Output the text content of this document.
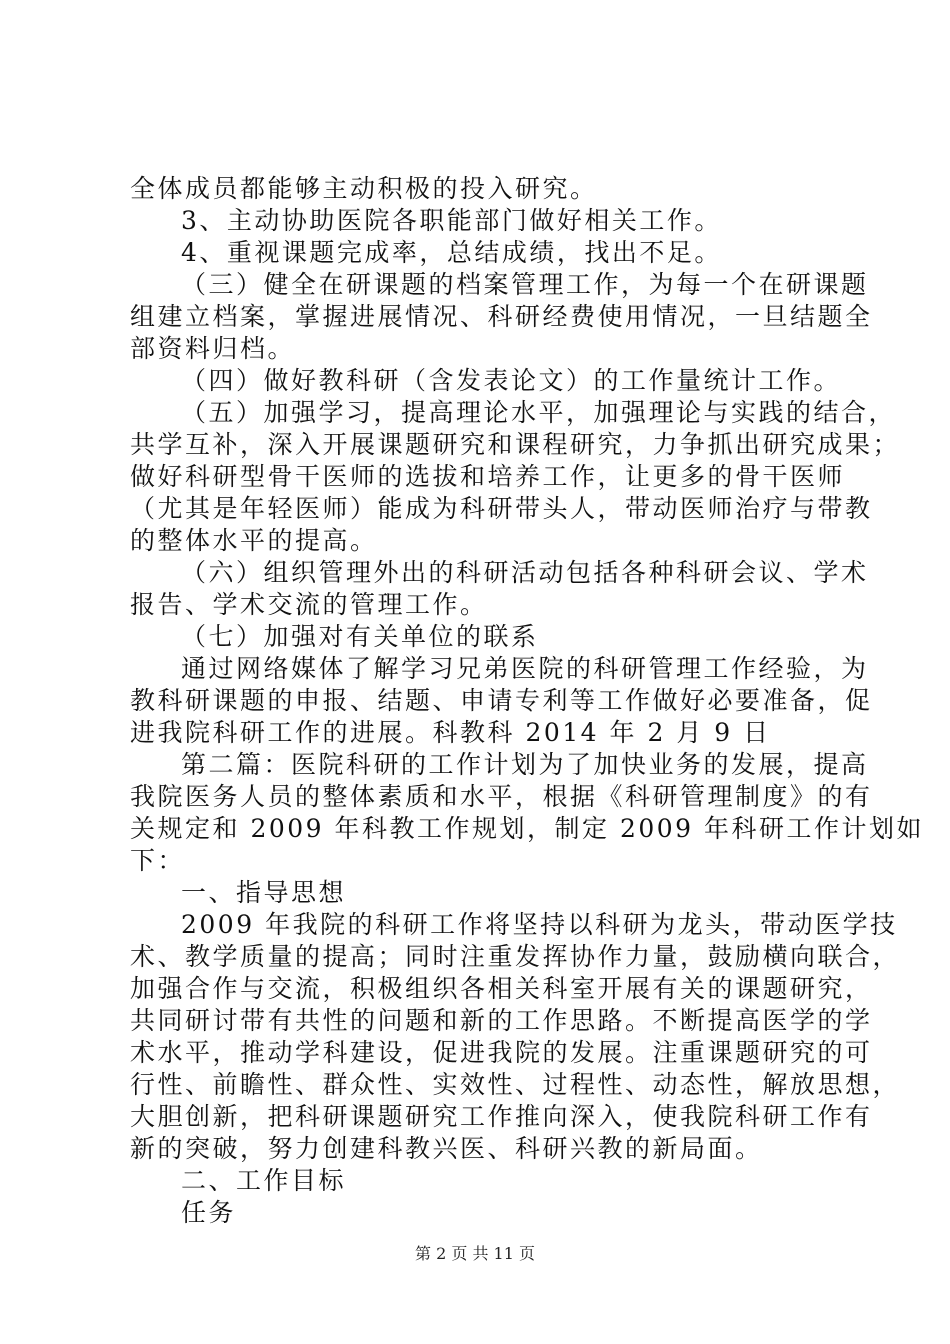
全体成员都能够主动积极的投入研究。
3、主动协助医院各职能部门做好相关工作。
4、重视课题完成率，总结成绩，找出不足。
（三）健全在研课题的档案管理工作，为每一个在研课题
组建立档案，掌握进展情况、科研经费使用情况，一旦结题全
部资料归档。
（四）做好教科研（含发表论文）的工作量统计工作。
（五）加强学习，提高理论水平，加强理论与实践的结合，
共学互补，深入开展课题研究和课程研究，力争抓出研究成果；
做好科研型骨干医师的选拔和培养工作，让更多的骨干医师
（尤其是年轻医师）能成为科研带头人，带动医师治疗与带教
的整体水平的提高。
（六）组织管理外出的科研活动包括各种科研会议、学术
报告、学术交流的管理工作。
（七）加强对有关单位的联系
通过网络媒体了解学习兄弟医院的科研管理工作经验，为
教科研课题的申报、结题、申请专利等工作做好必要准备，促
进我院科研工作的进展。科教科 2014 年 2 月 9 日
第二篇：医院科研的工作计划为了加快业务的发展，提高
我院医务人员的整体素质和水平，根据《科研管理制度》的有
关规定和 2009 年科教工作规划，制定 2009 年科研工作计划如
下：
一、指导思想
2009 年我院的科研工作将坚持以科研为龙头，带动医学技
术、教学质量的提高；同时注重发挥协作力量，鼓励横向联合，
加强合作与交流，积极组织各相关科室开展有关的课题研究，
共同研讨带有共性的问题和新的工作思路。不断提高医学的学
术水平，推动学科建设，促进我院的发展。注重课题研究的可
行性、前瞻性、群众性、实效性、过程性、动态性，解放思想，
大胆创新，把科研课题研究工作推向深入，使我院科研工作有
新的突破，努力创建科教兴医、科研兴教的新局面。
二、工作目标
任务
第 2 页 共 11 页
